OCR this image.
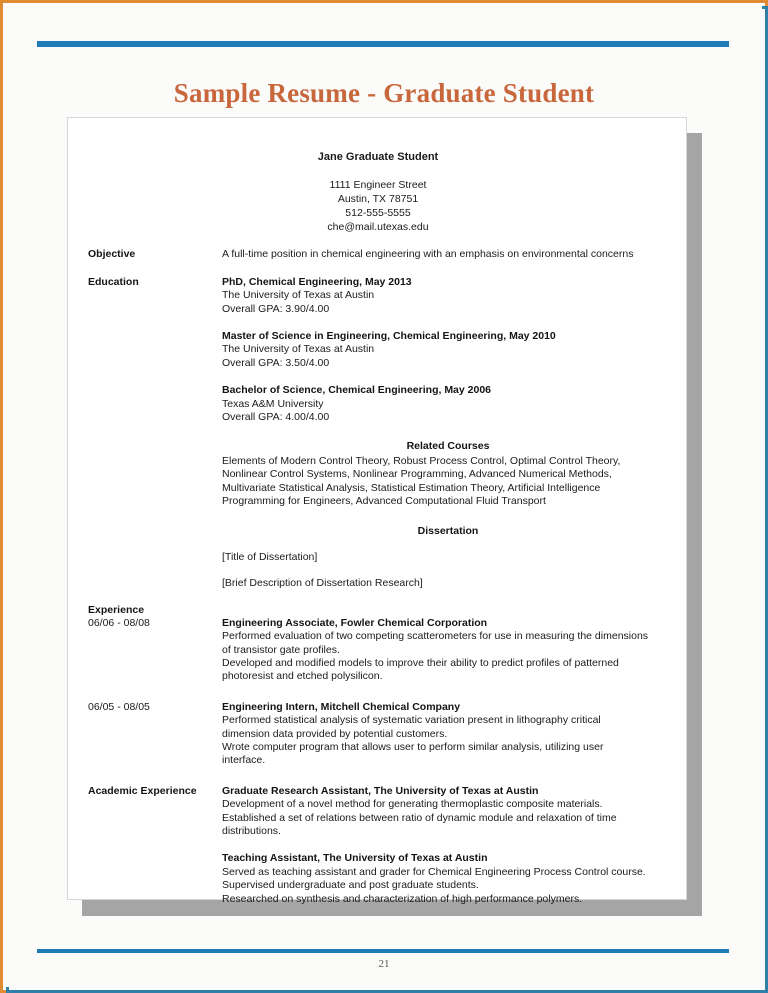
Sample Resume - Graduate Student
Jane Graduate Student
1111 Engineer Street
Austin, TX 78751
512-555-5555
che@mail.utexas.edu
Objective	A full-time position in chemical engineering with an emphasis on environmental concerns
Education	PhD, Chemical Engineering, May 2013
The University of Texas at Austin
Overall GPA: 3.90/4.00
Master of Science in Engineering, Chemical Engineering, May 2010
The University of Texas at Austin
Overall GPA: 3.50/4.00
Bachelor of Science, Chemical Engineering, May 2006
Texas A&M University
Overall GPA: 4.00/4.00
Related Courses
Elements of Modern Control Theory, Robust Process Control, Optimal Control Theory,
Nonlinear Control Systems, Nonlinear Programming, Advanced Numerical Methods,
Multivariate Statistical Analysis, Statistical Estimation Theory, Artificial Intelligence
Programming for Engineers, Advanced Computational Fluid Transport
Dissertation
[Title of Dissertation]
[Brief Description of Dissertation Research]
Experience
06/06 - 08/08	Engineering Associate, Fowler Chemical Corporation
Performed evaluation of two competing scatterometers for use in measuring the dimensions
of transistor gate profiles.
Developed and modified models to improve their ability to predict profiles of patterned
photoresist and etched polysilicon.
06/05 - 08/05	Engineering Intern, Mitchell Chemical Company
Performed statistical analysis of systematic variation present in lithography critical
dimension data provided by potential customers.
Wrote computer program that allows user to perform similar analysis, utilizing user
interface.
Academic Experience	Graduate Research Assistant, The University of Texas at Austin
Development of a novel method for generating thermoplastic composite materials.
Established a set of relations between ratio of dynamic module and relaxation of time
distributions.
Teaching Assistant, The University of Texas at Austin
Served as teaching assistant and grader for Chemical Engineering Process Control course.
Supervised undergraduate and post graduate students.
Researched on synthesis and characterization of high performance polymers.
21
